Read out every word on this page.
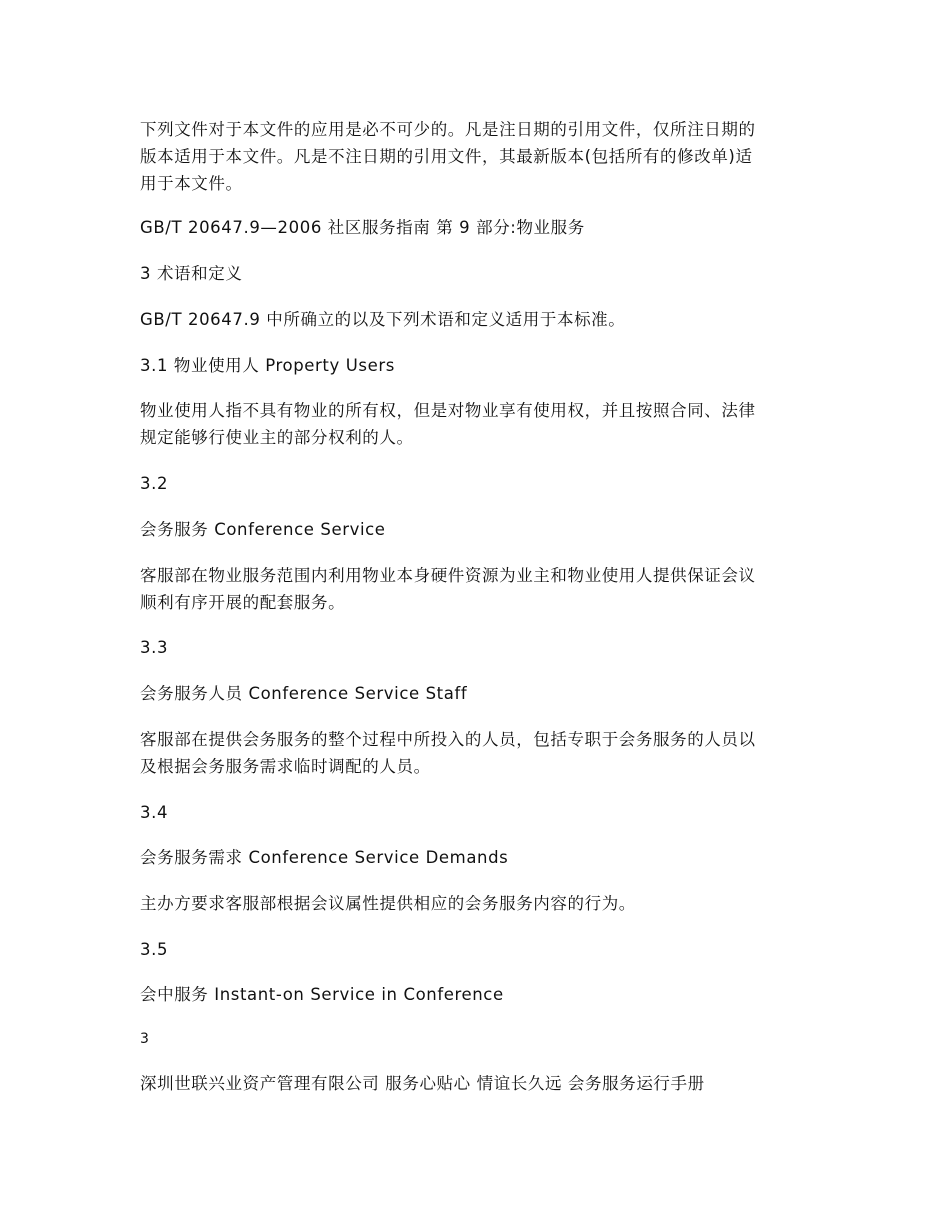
下列文件对于本文件的应用是必不可少的。凡是注日期的引用文件，仅所注日期的
版本适用于本文件。凡是不注日期的引用文件，其最新版本(包括所有的修改单)适
用于本文件。
GB/T 20647.9—2006 社区服务指南 第 9 部分:物业服务
3 术语和定义
GB/T 20647.9 中所确立的以及下列术语和定义适用于本标准。
3.1 物业使用人 Property Users
物业使用人指不具有物业的所有权，但是对物业享有使用权，并且按照合同、法律
规定能够行使业主的部分权利的人。
3.2
会务服务 Conference Service
客服部在物业服务范围内利用物业本身硬件资源为业主和物业使用人提供保证会议
顺利有序开展的配套服务。
3.3
会务服务人员 Conference Service Staff
客服部在提供会务服务的整个过程中所投入的人员，包括专职于会务服务的人员以
及根据会务服务需求临时调配的人员。
3.4
会务服务需求 Conference Service Demands
主办方要求客服部根据会议属性提供相应的会务服务内容的行为。
3.5
会中服务 Instant-on Service in Conference
3
深圳世联兴业资产管理有限公司 服务心贴心 情谊长久远 会务服务运行手册
